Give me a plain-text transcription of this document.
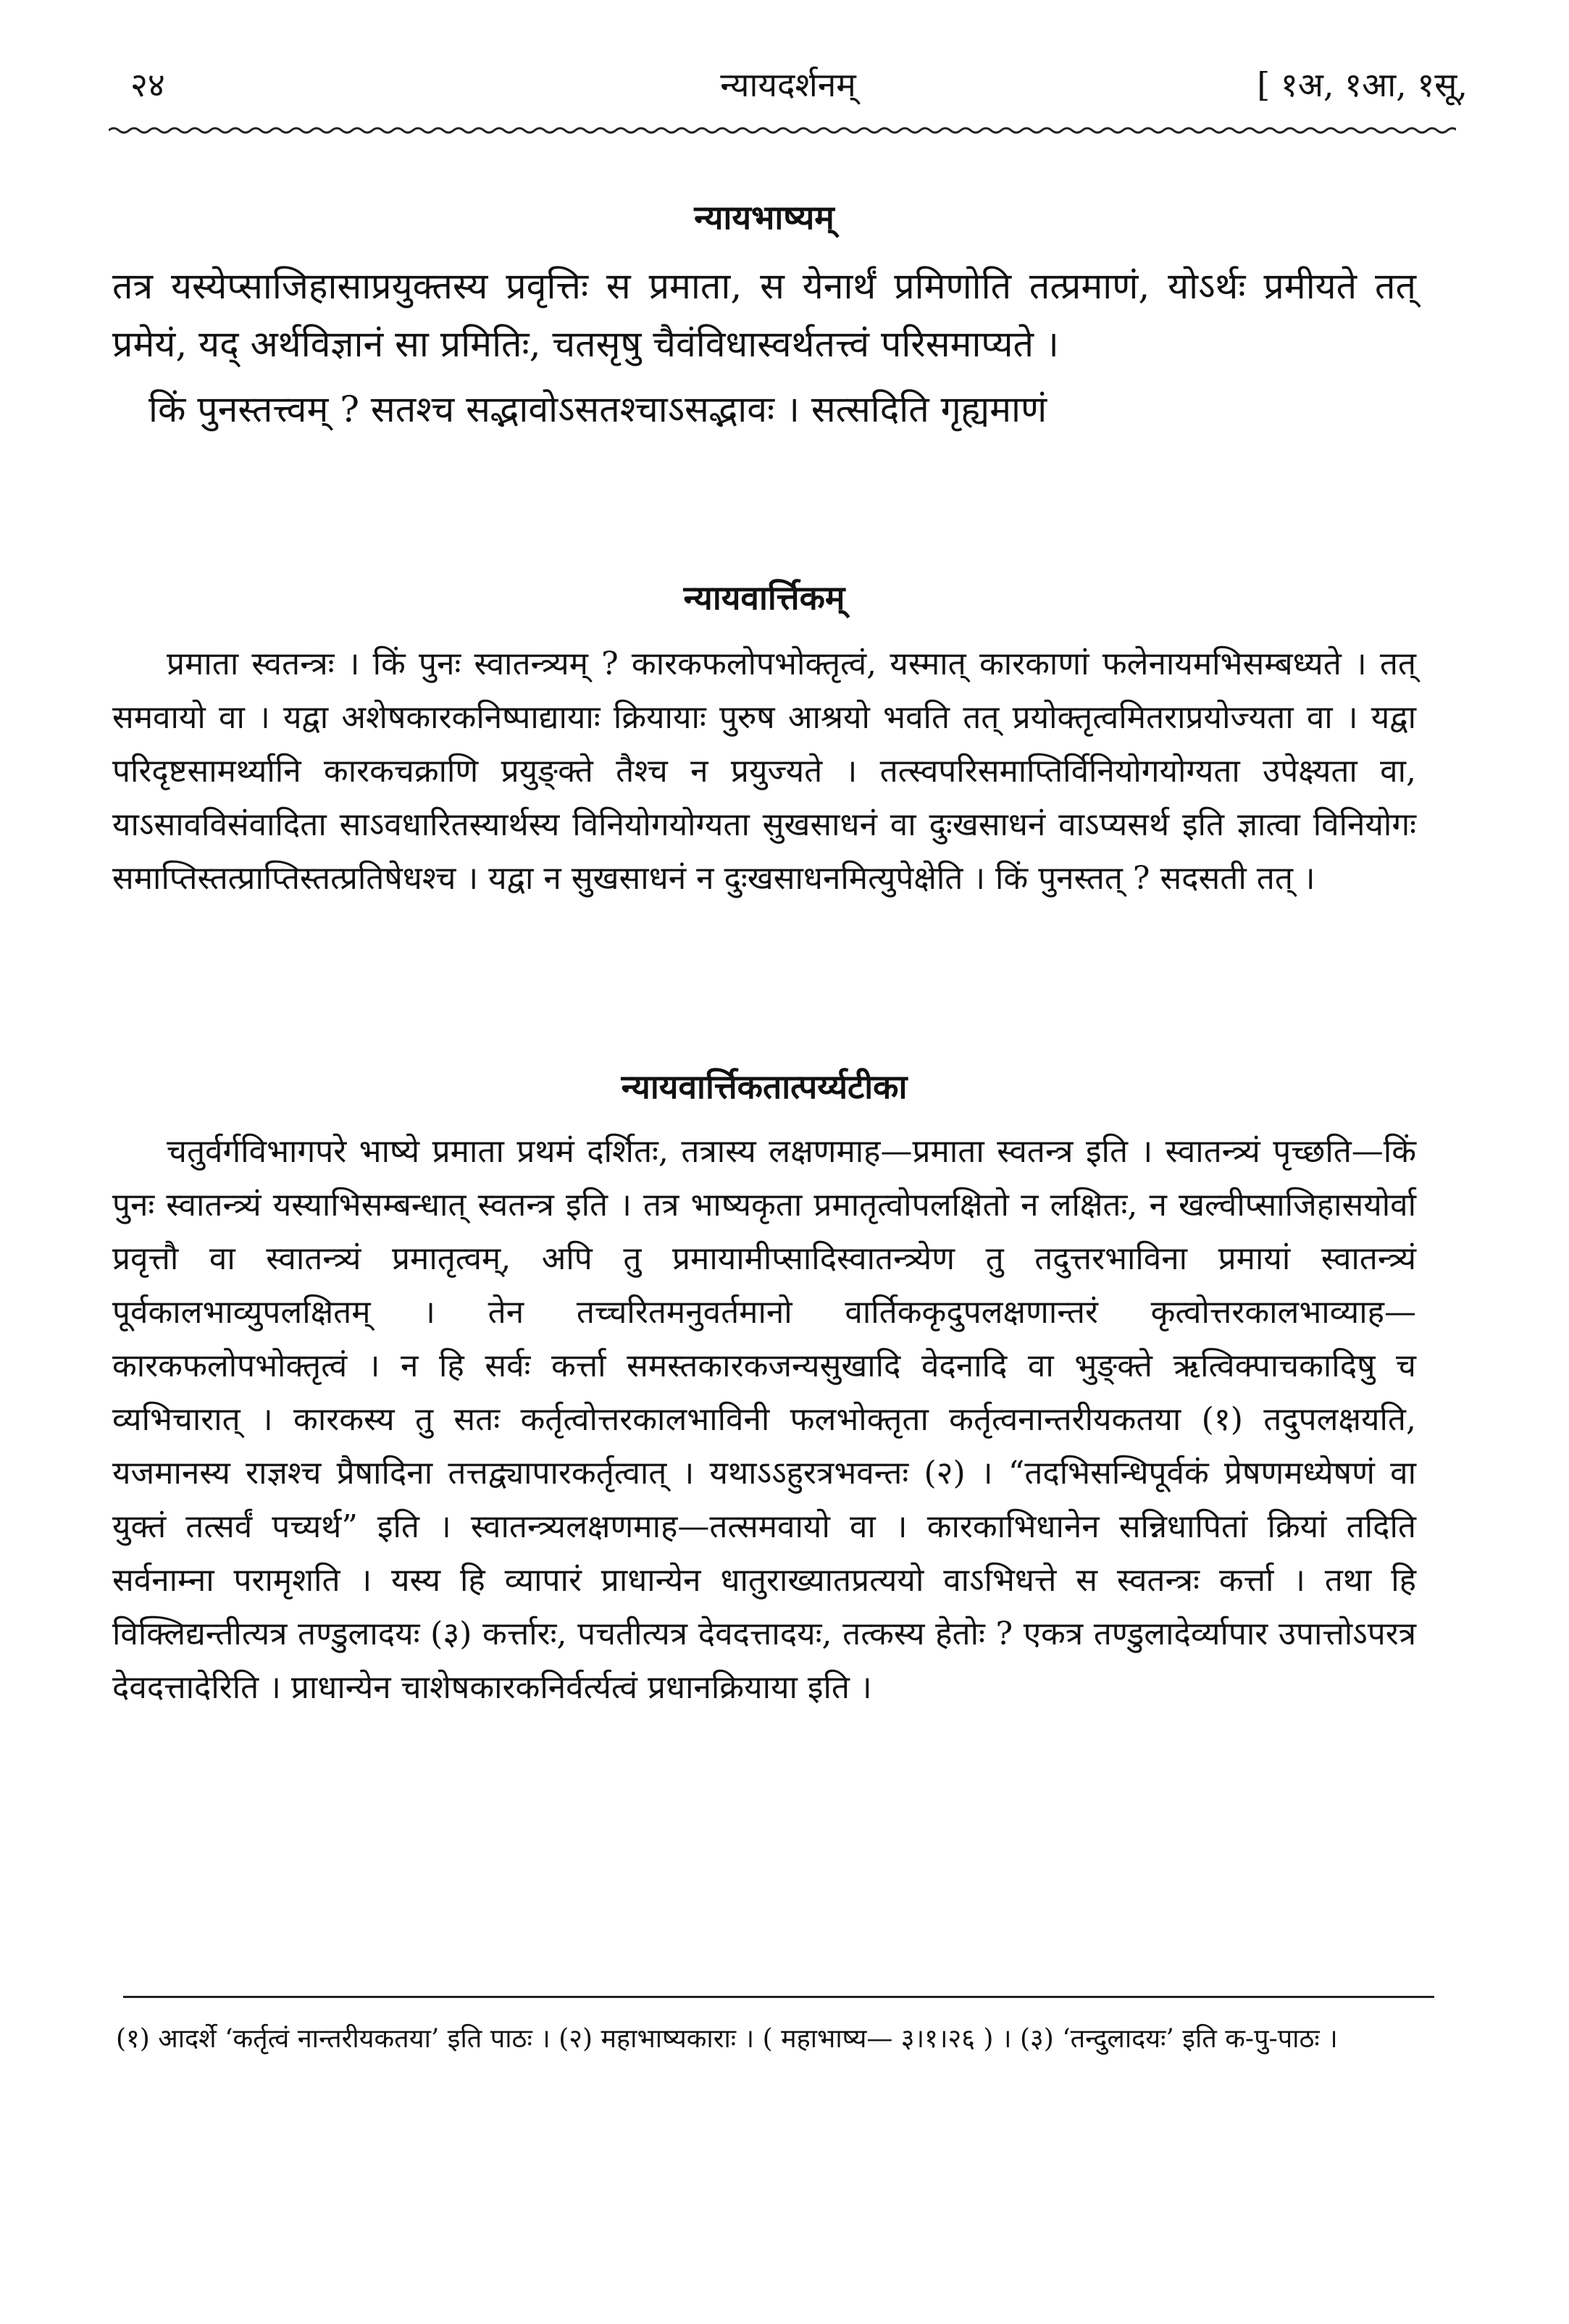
२४	न्यायदर्शनम्	[ १अ, १आ, १सू,
न्यायभाष्यम्

तत्र यस्येप्साजिहासाप्रयुक्तस्य प्रवृत्तिः स प्रमाता, स येनार्थं प्रमिणोति तत्प्रमाणं, योऽर्थः प्रमीयते तत् प्रमेयं, यद् अर्थविज्ञानं सा प्रमितिः, चतसृषु चैवंविधास्वर्थतत्त्वं परिसमाप्यते ।

किं पुनस्तत्त्वम् ? सतश्च सद्भावोऽसतश्चाऽसद्भावः । सत्सदिति गृह्यमाणं

न्यायवार्त्तिकम्

प्रमाता स्वतन्त्रः । किं पुनः स्वातन्त्र्यम् ? कारकफलोपभोक्तृत्वं, यस्मात् कारकाणां फलेनायमभिसम्बध्यते । तत् समवायो वा । यद्वा अशेषकारकनिष्पाद्यायाः क्रियायाः पुरुष आश्रयो भवति तत् प्रयोक्तृत्वमितराप्रयोज्यता वा । यद्वा परिदृष्टसामर्थ्यानि कारकचक्राणि प्रयुङ्क्ते तैश्च न प्रयुज्यते । तत्स्वपरिसमाप्तिर्विनियोगयोग्यता उपेक्ष्यता वा, याऽसावविसंवादिता साऽवधारितस्यार्थस्य विनियोगयोग्यता सुखसाधनं वा दुःखसाधनं वाऽप्यसर्थ इति ज्ञात्वा विनियोगः समाप्तिस्तत्प्राप्तिस्तत्प्रतिषेधश्च । यद्वा न सुखसाधनं न दुःखसाधनमित्युपेक्षेति । किं पुनस्तत् ? सदसती तत् ।

न्यायवार्त्तिकतात्पर्य्यटीका

चतुर्वर्गविभागपरे भाष्ये प्रमाता प्रथमं दर्शितः, तत्रास्य लक्षणमाह—प्रमाता स्वतन्त्र इति । स्वातन्त्र्यं पृच्छति—किं पुनः स्वातन्त्र्यं यस्याभिसम्बन्धात् स्वतन्त्र इति । तत्र भाष्यकृता प्रमातृत्वोपलक्षितो न लक्षितः, न खल्वीप्साजिहासयोर्वा प्रवृत्तौ वा स्वातन्त्र्यं प्रमातृत्वम्, अपि तु प्रमायामीप्सादिस्वातन्त्र्येण तु तदुत्तरभाविना प्रमायां स्वातन्त्र्यं पूर्वकालभाव्युपलक्षितम् । तेन तच्चरितमनुवर्तमानो वार्तिककृदुपलक्षणान्तरं कृत्वोत्तरकालभाव्याह—कारकफलोपभोक्तृत्वं । न हि सर्वः कर्त्ता समस्तकारकजन्यसुखादि वेदनादि वा भुङ्क्ते ऋत्विक्पाचकादिषु च व्यभिचारात् । कारकस्य तु सतः कर्तृत्वोत्तरकालभाविनी फलभोक्तृता कर्तृत्वनान्तरीयकतया (१) तदुपलक्षयति, यजमानस्य राज्ञश्च प्रैषादिना तत्तद्व्यापारकर्तृत्वात् । यथाऽऽहुरत्रभवन्तः (२) । “तदभिसन्धिपूर्वकं प्रेषणमध्येषणं वा युक्तं तत्सर्वं पच्यर्थ” इति । स्वातन्त्र्यलक्षणमाह—तत्समवायो वा । कारकाभिधानेन सन्निधापितां क्रियां तदिति सर्वनाम्ना परामृशति । यस्य हि व्यापारं प्राधान्येन धातुराख्यातप्रत्ययो वाऽभिधत्ते स स्वतन्त्रः कर्त्ता । तथा हि विक्लिद्यन्तीत्यत्र तण्डुलादयः (३) कर्त्तारः, पचतीत्यत्र देवदत्तादयः, तत्कस्य हेतोः ? एकत्र तण्डुलादेर्व्यापार उपात्तोऽपरत्र देवदत्तादेरिति । प्राधान्येन चाशेषकारकनिर्वर्त्यत्वं प्रधानक्रियाया इति ।

(१) आदर्शे ‘कर्तृत्वं नान्तरीयकतया’ इति पाठः । (२) महाभाष्यकाराः । ( महाभाष्य— ३।१।२६ ) । (३) ‘तन्दुलादयः’ इति क-पु-पाठः ।
